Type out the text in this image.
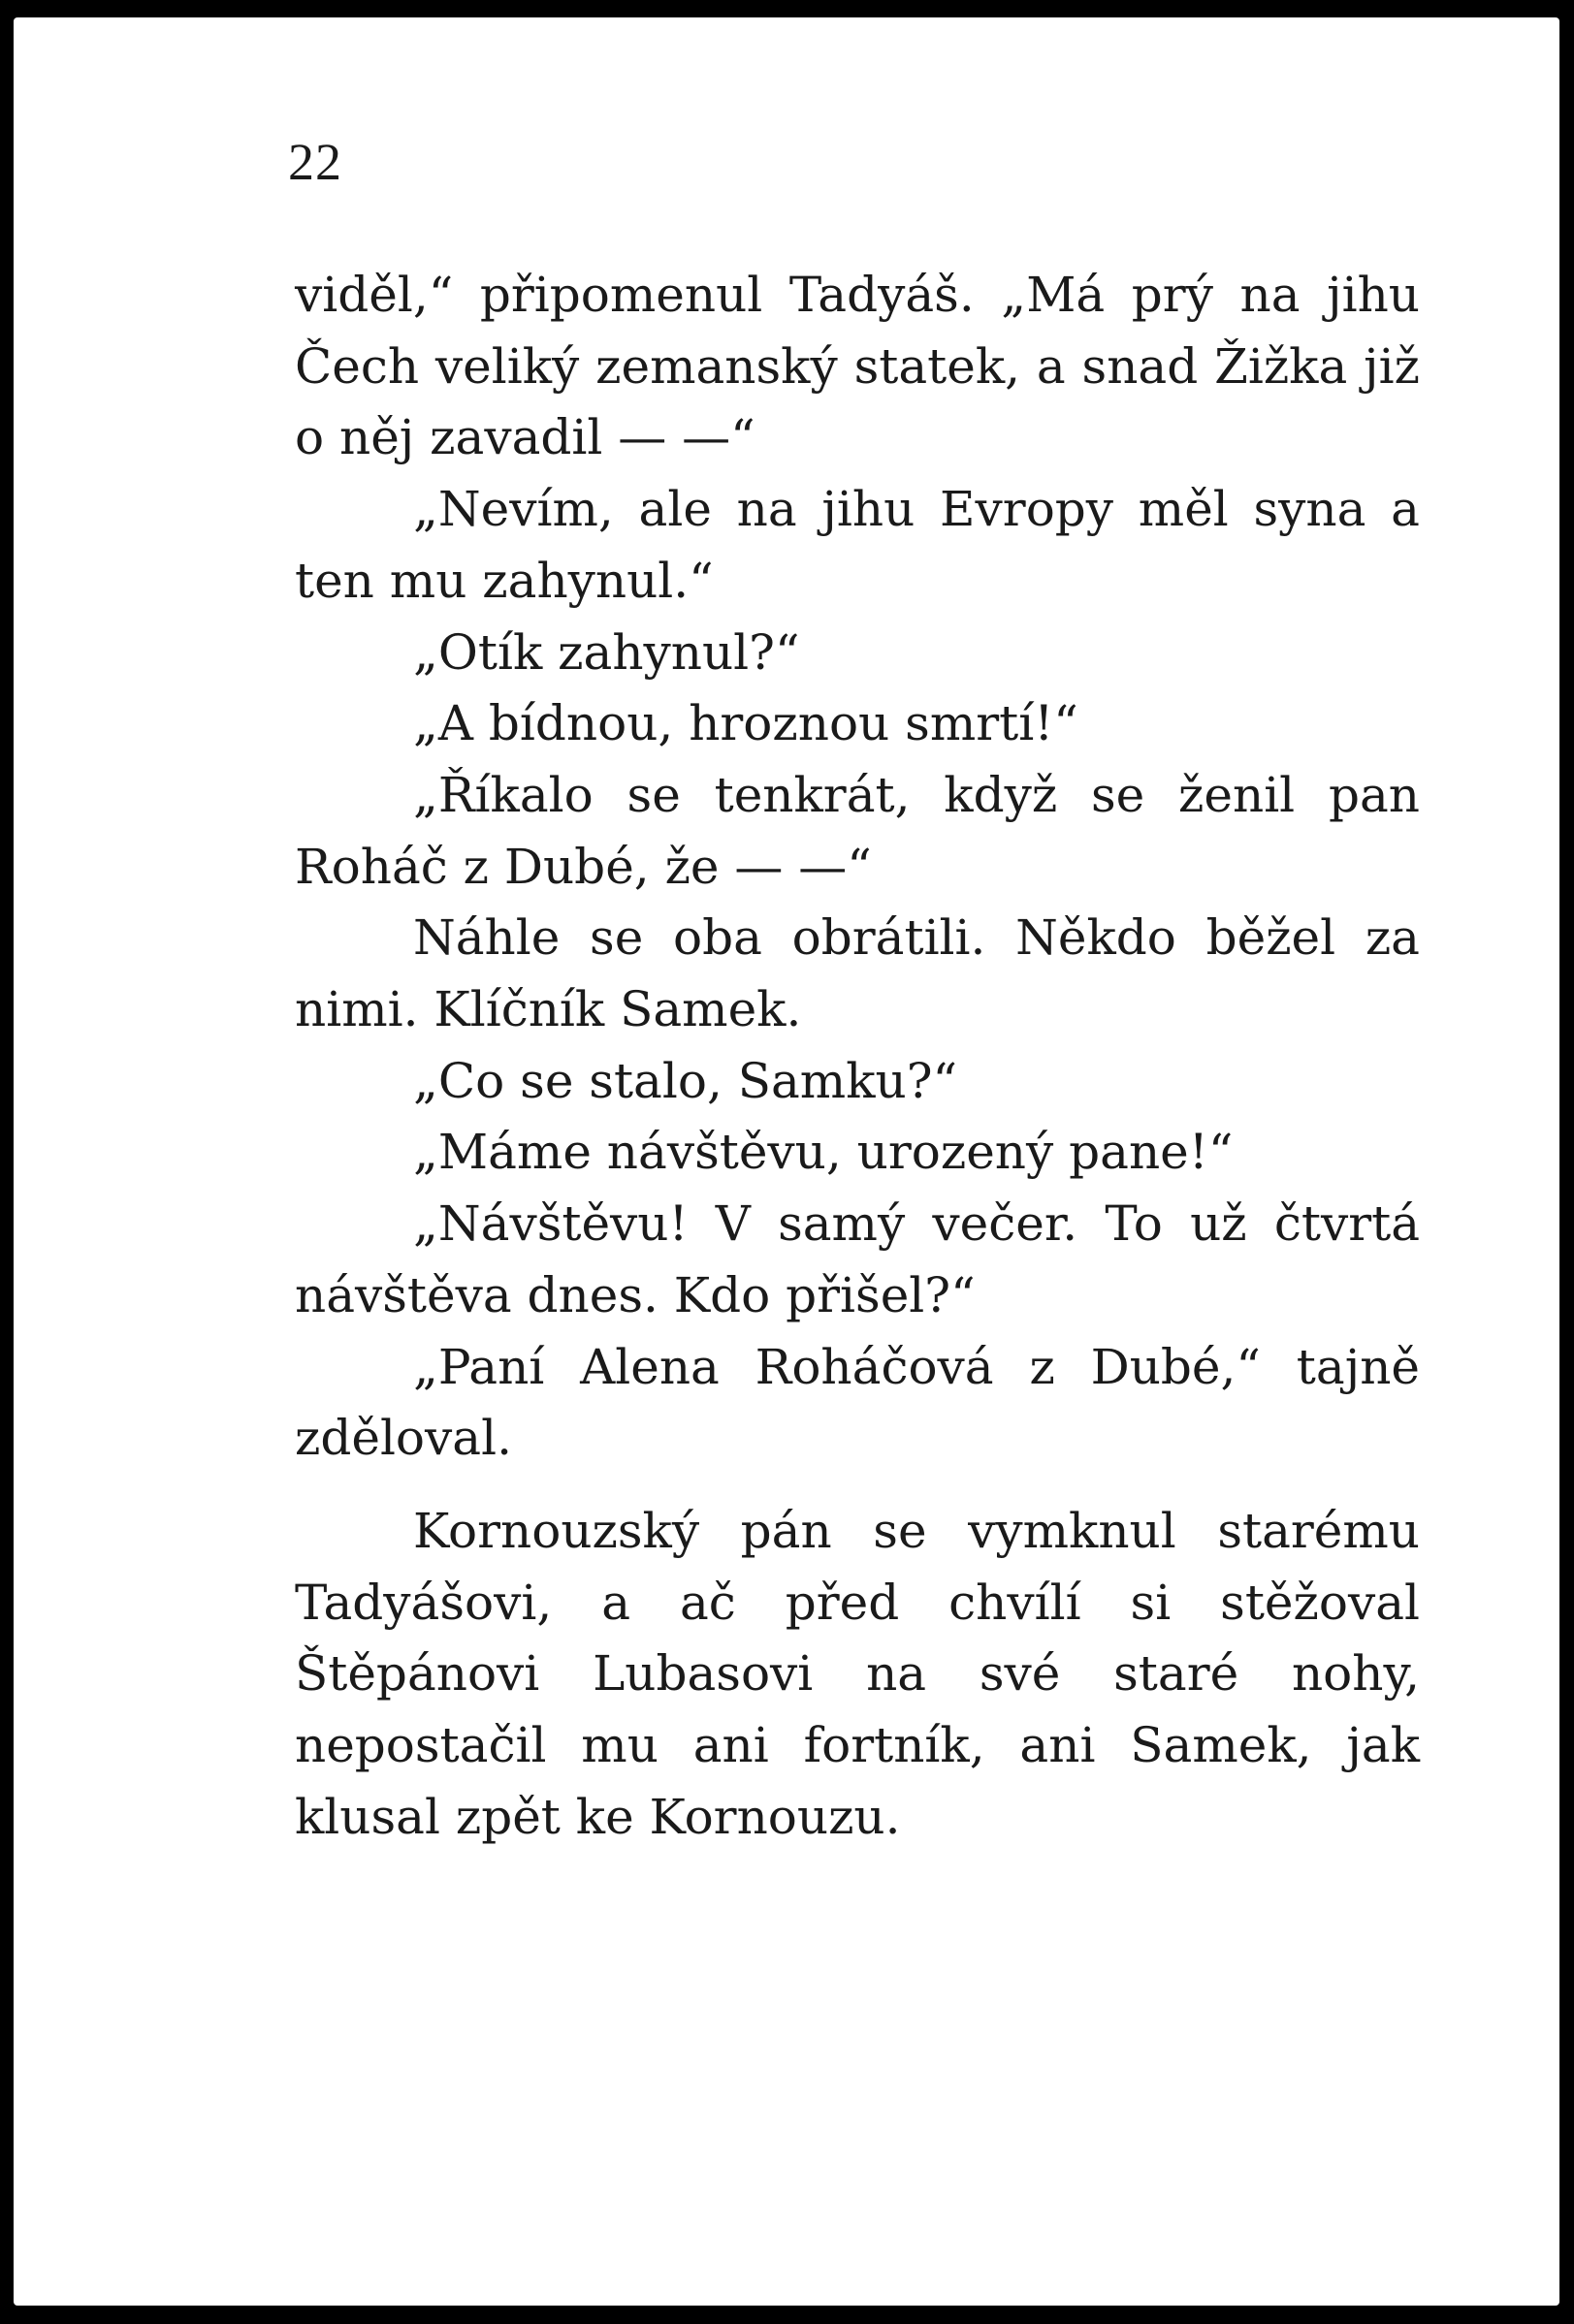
22

viděl,“ připomenul Tadyáš. „Má prý na jihu Čech veliký zemanský statek, a snad Žižka již o něj zavadil — —“

„Nevím, ale na jihu Evropy měl syna a ten mu zahynul.“

„Otík zahynul?“

„A bídnou, hroznou smrtí!“

„Říkalo se tenkrát, když se ženil pan Roháč z Dubé, že — —“

Náhle se oba obrátili. Někdo běžel za nimi. Klíčník Samek.

„Co se stalo, Samku?“

„Máme návštěvu, urozený pane!“

„Návštěvu! V samý večer. To už čtvrtá návštěva dnes. Kdo přišel?“

„Paní Alena Roháčová z Dubé,“ tajně zděloval.

Kornouzský pán se vymknul starému Tadyášovi, a ač před chvílí si stěžoval Štěpánovi Lubasovi na své staré nohy, nepostačil mu ani fortník, ani Samek, jak klusal zpět ke Kornouzu.
